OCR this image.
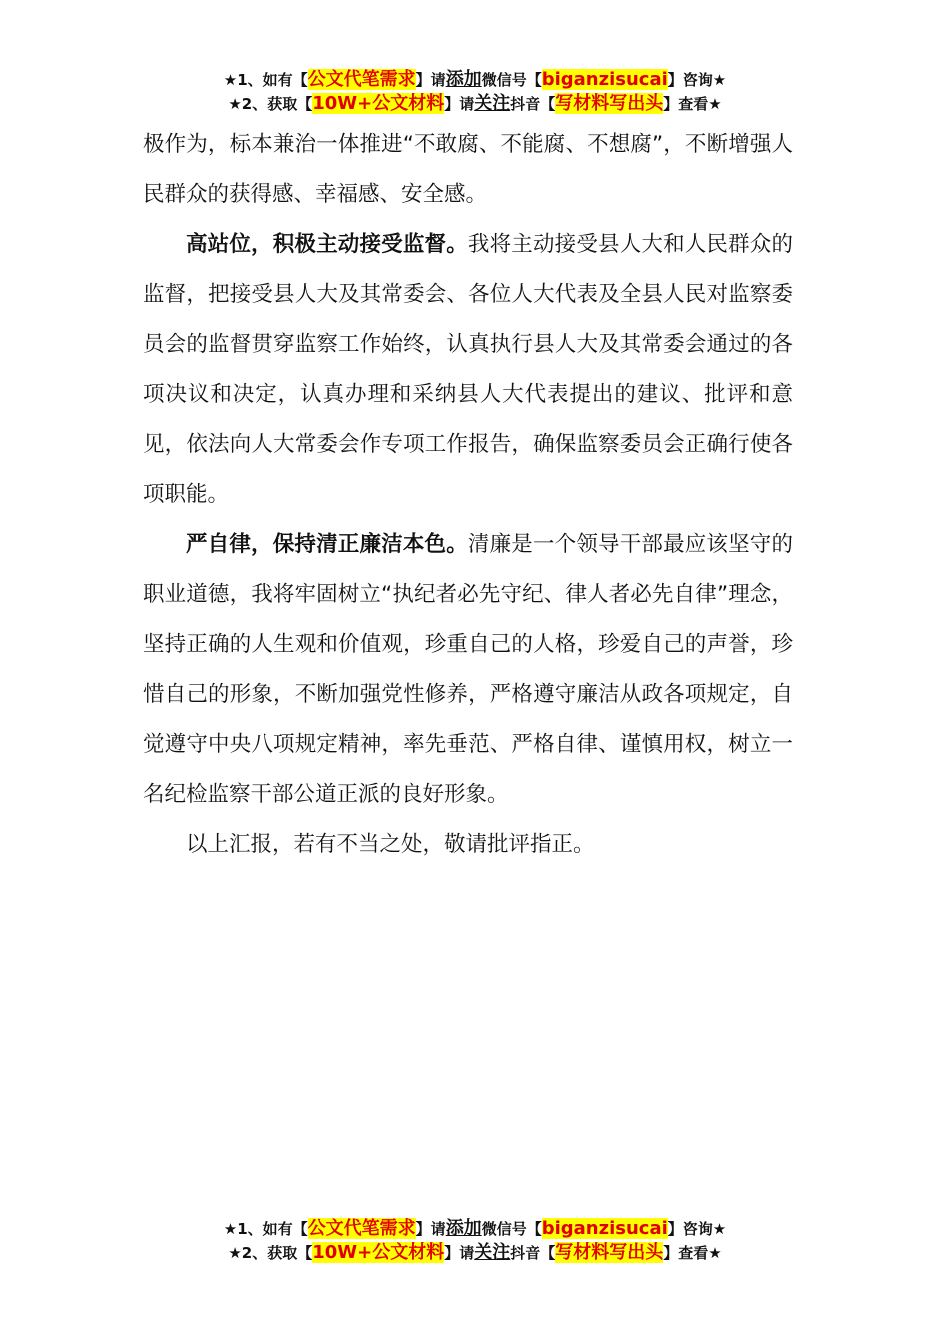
★1、如有【公文代笔需求】请添加微信号【biganzisucai】咨询★
★2、获取【10W+公文材料】请关注抖音【写材料写出头】查看★

极作为，标本兼治一体推进“不敢腐、不能腐、不想腐”，不断增强人民群众的获得感、幸福感、安全感。

高站位，积极主动接受监督。我将主动接受县人大和人民群众的监督，把接受县人大及其常委会、各位人大代表及全县人民对监察委员会的监督贯穿监察工作始终，认真执行县人大及其常委会通过的各项决议和决定，认真办理和采纳县人大代表提出的建议、批评和意见，依法向人大常委会作专项工作报告，确保监察委员会正确行使各项职能。

严自律，保持清正廉洁本色。清廉是一个领导干部最应该坚守的职业道德，我将牢固树立“执纪者必先守纪、律人者必先自律”理念，坚持正确的人生观和价值观，珍重自己的人格，珍爱自己的声誉，珍惜自己的形象，不断加强党性修养，严格遵守廉洁从政各项规定，自觉遵守中央八项规定精神，率先垂范、严格自律、谨慎用权，树立一名纪检监察干部公道正派的良好形象。

以上汇报，若有不当之处，敬请批评指正。

★1、如有【公文代笔需求】请添加微信号【biganzisucai】咨询★
★2、获取【10W+公文材料】请关注抖音【写材料写出头】查看★
